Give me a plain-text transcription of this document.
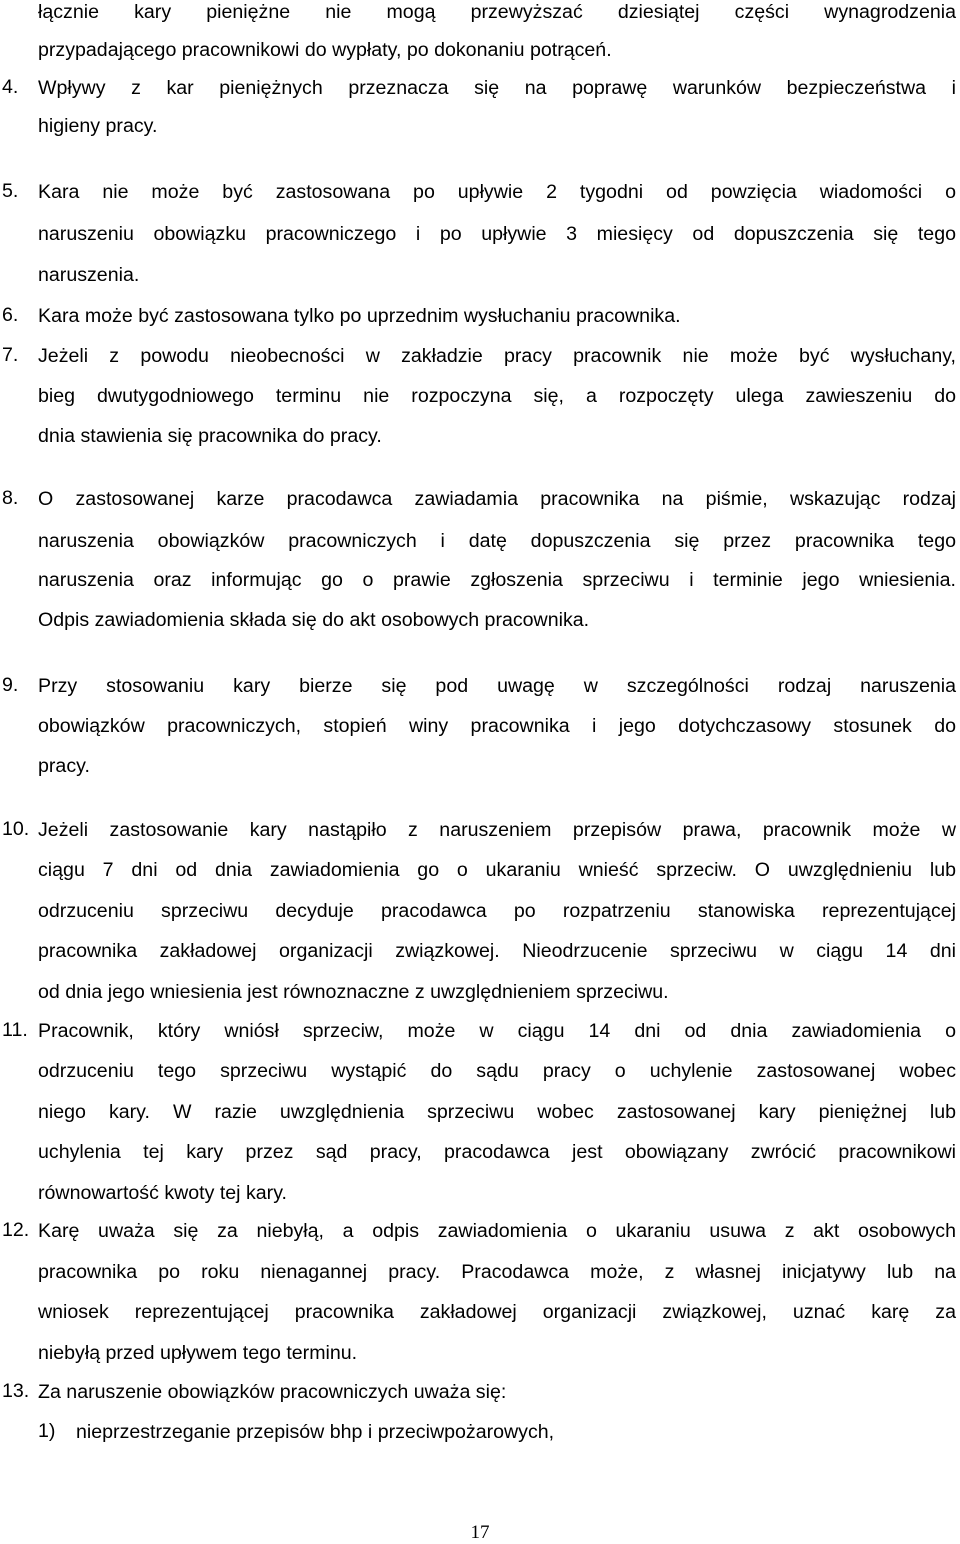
łącznie kary pieniężne nie mogą przewyższać dziesiątej części wynagrodzenia
przypadającego pracownikowi do wypłaty, po dokonaniu potrąceń.
4. Wpływy z kar pieniężnych przeznacza się na poprawę warunków bezpieczeństwa i
higieny pracy.
5. Kara nie może być zastosowana po upływie 2 tygodni od powzięcia wiadomości o
naruszeniu obowiązku pracowniczego i po upływie 3 miesięcy od dopuszczenia się tego
naruszenia.
6. Kara może być zastosowana tylko po uprzednim wysłuchaniu pracownika.
7. Jeżeli z powodu nieobecności w zakładzie pracy pracownik nie może być wysłuchany,
bieg dwutygodniowego terminu nie rozpoczyna się, a rozpoczęty ulega zawieszeniu do
dnia stawienia się pracownika do pracy.
8. O zastosowanej karze pracodawca zawiadamia pracownika na piśmie, wskazując rodzaj
naruszenia obowiązków pracowniczych i datę dopuszczenia się przez pracownika tego
naruszenia oraz informując go o prawie zgłoszenia sprzeciwu i terminie jego wniesienia.
Odpis zawiadomienia składa się do akt osobowych pracownika.
9. Przy stosowaniu kary bierze się pod uwagę w szczególności rodzaj naruszenia
obowiązków pracowniczych, stopień winy pracownika i jego dotychczasowy stosunek do
pracy.
10. Jeżeli zastosowanie kary nastąpiło z naruszeniem przepisów prawa, pracownik może w
ciągu 7 dni od dnia zawiadomienia go o ukaraniu wnieść sprzeciw. O uwzględnieniu lub
odrzuceniu sprzeciwu decyduje pracodawca po rozpatrzeniu stanowiska reprezentującej
pracownika zakładowej organizacji związkowej. Nieodrzucenie sprzeciwu w ciągu 14 dni
od dnia jego wniesienia jest równoznaczne z uwzględnieniem sprzeciwu.
11. Pracownik, który wniósł sprzeciw, może w ciągu 14 dni od dnia zawiadomienia o
odrzuceniu tego sprzeciwu wystąpić do sądu pracy o uchylenie zastosowanej wobec
niego kary. W razie uwzględnienia sprzeciwu wobec zastosowanej kary pieniężnej lub
uchylenia tej kary przez sąd pracy, pracodawca jest obowiązany zwrócić pracownikowi
równowartość kwoty tej kary.
12. Karę uważa się za niebyłą, a odpis zawiadomienia o ukaraniu usuwa z akt osobowych
pracownika po roku nienagannej pracy. Pracodawca może, z własnej inicjatywy lub na
wniosek reprezentującej pracownika zakładowej organizacji związkowej, uznać karę za
niebyłą przed upływem tego terminu.
13. Za naruszenie obowiązków pracowniczych uważa się:
1) nieprzestrzeganie przepisów bhp i przeciwpożarowych,
17
